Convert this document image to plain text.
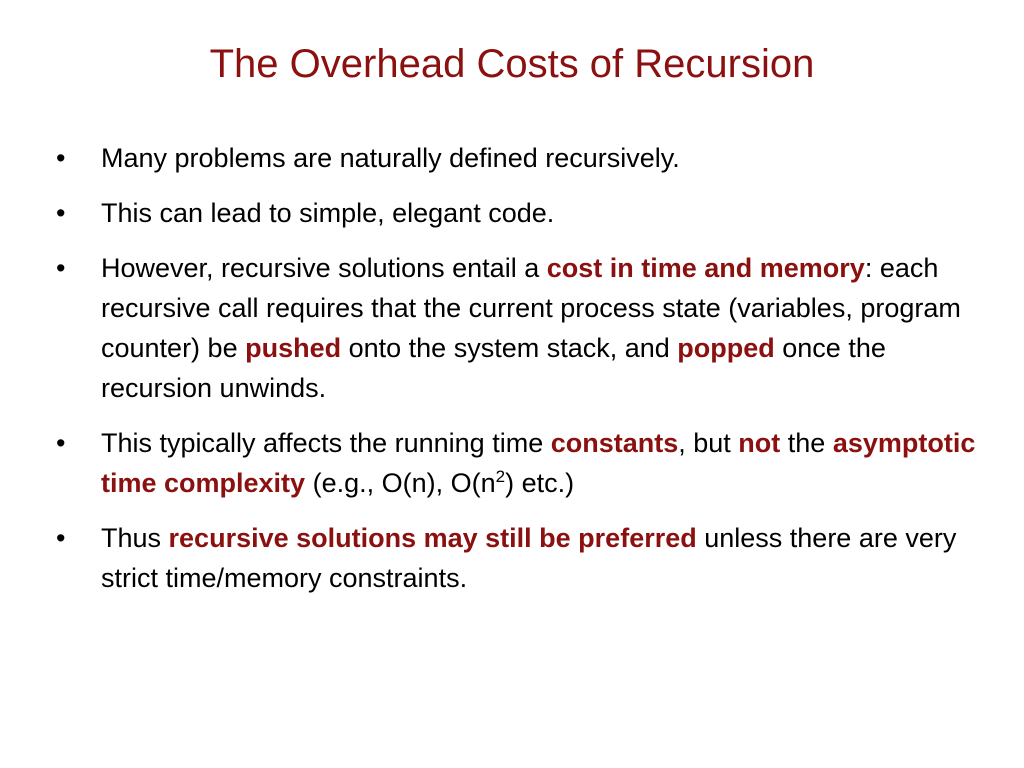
The Overhead Costs of Recursion
•	Many problems are naturally defined recursively.
•	This can lead to simple, elegant code.
•	However, recursive solutions entail a cost in time and memory: each recursive call requires that the current process state (variables, program counter) be pushed onto the system stack, and popped once the recursion unwinds.
•	This typically affects the running time constants, but not the asymptotic time complexity (e.g., O(n), $O(n^2)$ etc.)
•	Thus recursive solutions may still be preferred unless there are very strict time/memory constraints.
